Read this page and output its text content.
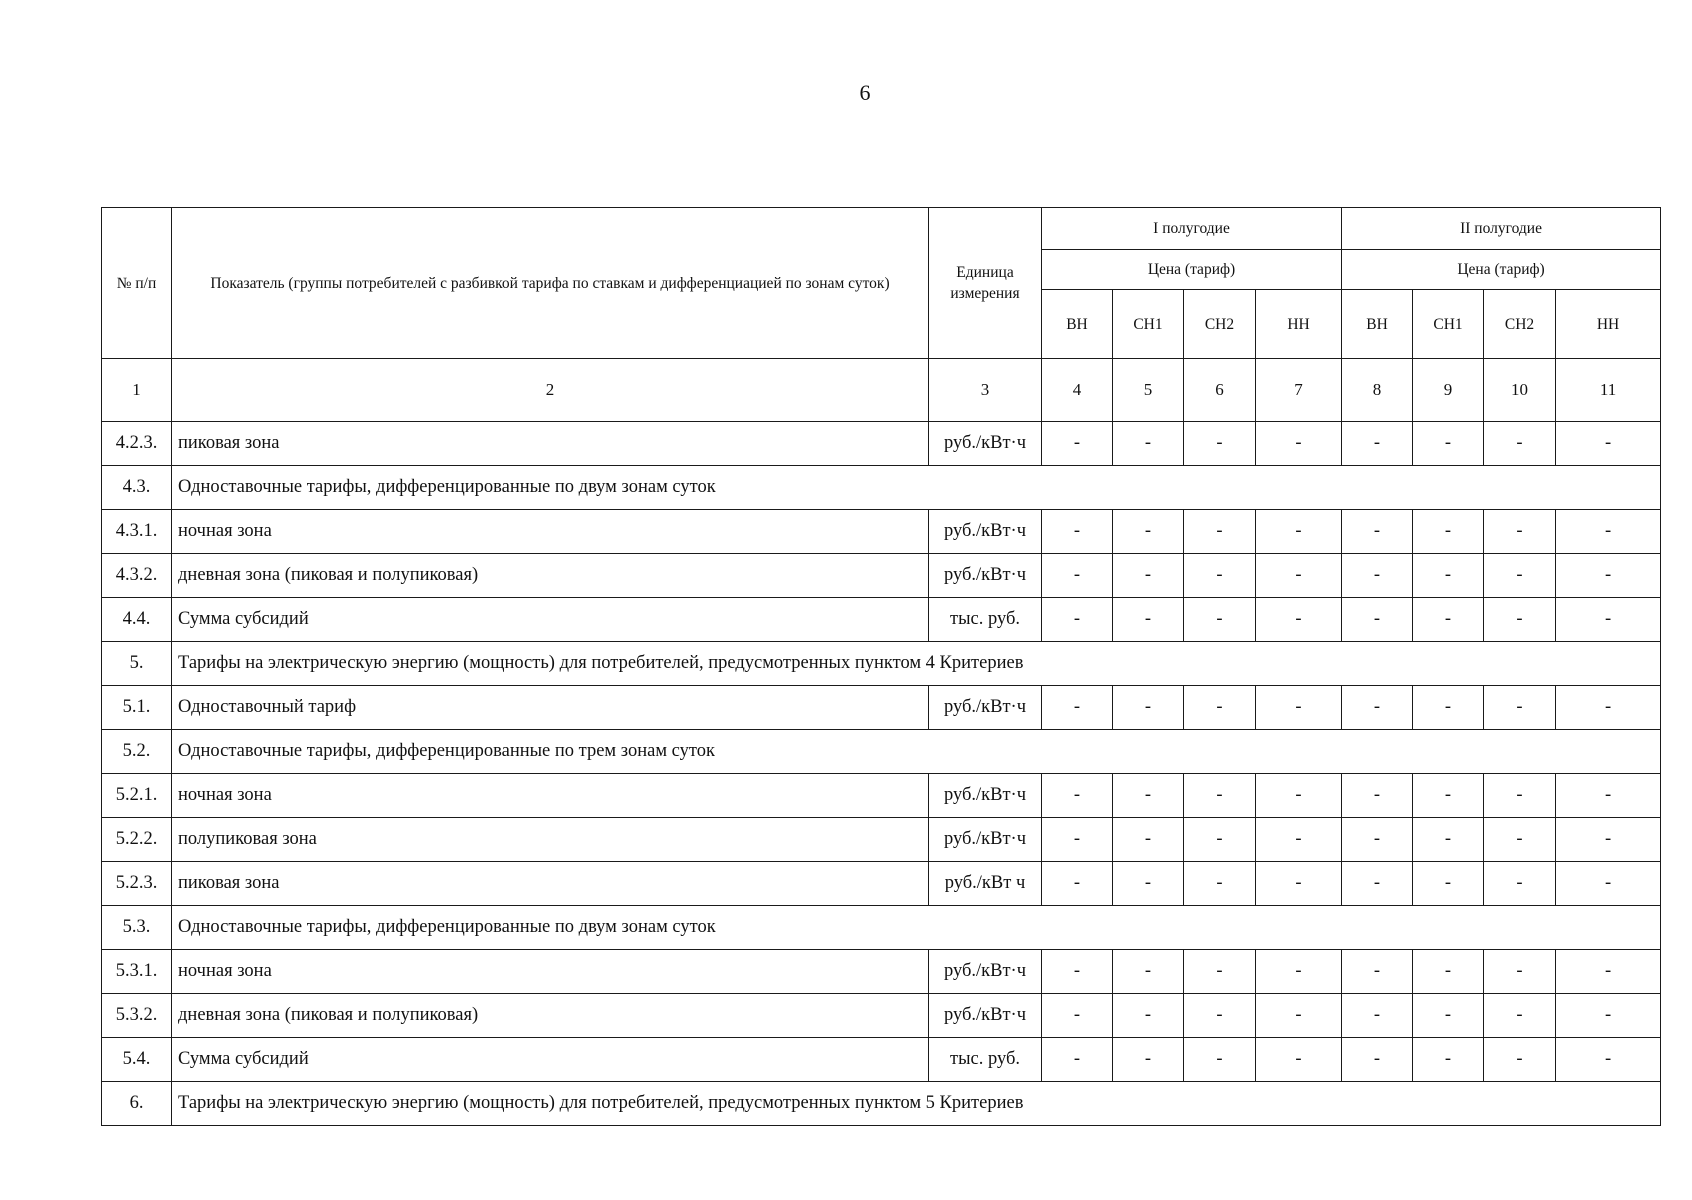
6
№ п/п	Показатель (группы потребителей с разбивкой тарифа по ставкам и дифференциацией по зонам суток)	Единица измерения	I полугодие				II полугодие			
			Цена (тариф)				Цена (тариф)			
			ВН	СН1	СН2	НН	ВН	СН1	СН2	НН
1	2	3	4	5	6	7	8	9	10	11
4.2.3.	пиковая зона	руб./кВт·ч	-	-	-	-	-	-	-	-
4.3.	Одноставочные тарифы, дифференцированные по двум зонам суток									
4.3.1.	ночная зона	руб./кВт·ч	-	-	-	-	-	-	-	-
4.3.2.	дневная зона (пиковая и полупиковая)	руб./кВт·ч	-	-	-	-	-	-	-	-
4.4.	Сумма субсидий	тыс. руб.	-	-	-	-	-	-	-	-
5.	Тарифы на электрическую энергию (мощность) для потребителей, предусмотренных пунктом 4 Критериев									
5.1.	Одноставочный тариф	руб./кВт·ч	-	-	-	-	-	-	-	-
5.2.	Одноставочные тарифы, дифференцированные по трем зонам суток									
5.2.1.	ночная зона	руб./кВт·ч	-	-	-	-	-	-	-	-
5.2.2.	полупиковая зона	руб./кВт·ч	-	-	-	-	-	-	-	-
5.2.3.	пиковая зона	руб./кВт ч	-	-	-	-	-	-	-	-
5.3.	Одноставочные тарифы, дифференцированные по двум зонам суток									
5.3.1.	ночная зона	руб./кВт·ч	-	-	-	-	-	-	-	-
5.3.2.	дневная зона (пиковая и полупиковая)	руб./кВт·ч	-	-	-	-	-	-	-	-
5.4.	Сумма субсидий	тыс. руб.	-	-	-	-	-	-	-	-
6.	Тарифы на электрическую энергию (мощность) для потребителей, предусмотренных пунктом 5 Критериев									
